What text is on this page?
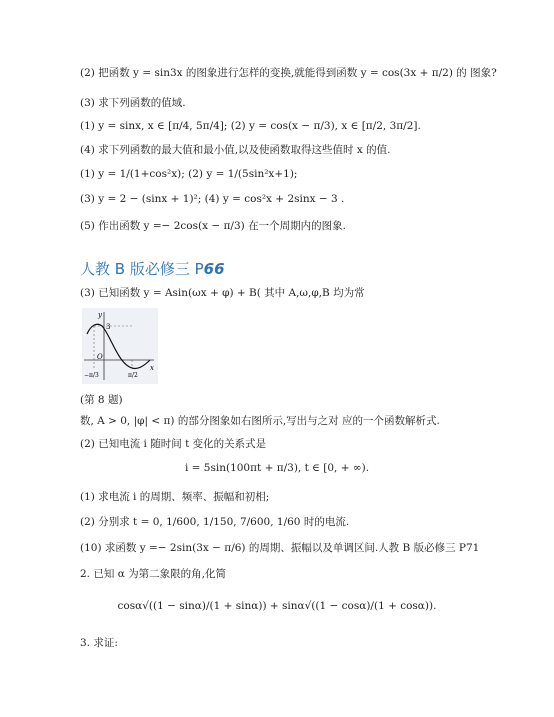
(2) 把函数 y = sin3x 的图象进行怎样的变换,就能得到函数 y = cos(3x + π/2) 的 图象?
(3) 求下列函数的值域.
(1) y = sinx, x ∈ [π/4, 5π/4]; (2) y = cos(x − π/3), x ∈ [π/2, 3π/2].
(4) 求下列函数的最大值和最小值,以及使函数取得这些值时 x 的值.
(1) y = 1/(1+cos²x); (2) y = 1/(5sin²x+1);
(3) y = 2 − (sinx + 1)²; (4) y = cos²x + 2sinx − 3 .
(5) 作出函数 y =− 2cos(x − π/3) 在一个周期内的图象.
人教 B 版必修三 P66
(3) 已知函数 y = Asin(ωx + φ) + B( 其中 A,ω,φ,B 均为常
y
x
3
O
−π/3	π/2
(第 8 题)
数, A > 0, |φ| < π) 的部分图象如右图所示,写出与之对 应的一个函数解析式.
(2) 已知电流 i 随时间 t 变化的关系式是
i = 5sin(100πt + π/3), t ∈ [0, + ∞).
(1) 求电流 i 的周期、频率、振幅和初相;
(2) 分别求 t = 0, 1/600, 1/150, 7/600, 1/60 时的电流.
(10) 求函数 y =− 2sin(3x − π/6) 的周期、振幅以及单调区间.人教 B 版必修三 P71
2. 已知 α 为第二象限的角,化简
cosα√((1 − sinα)/(1 + sinα)) + sinα√((1 − cosα)/(1 + cosα)).
3. 求证:
